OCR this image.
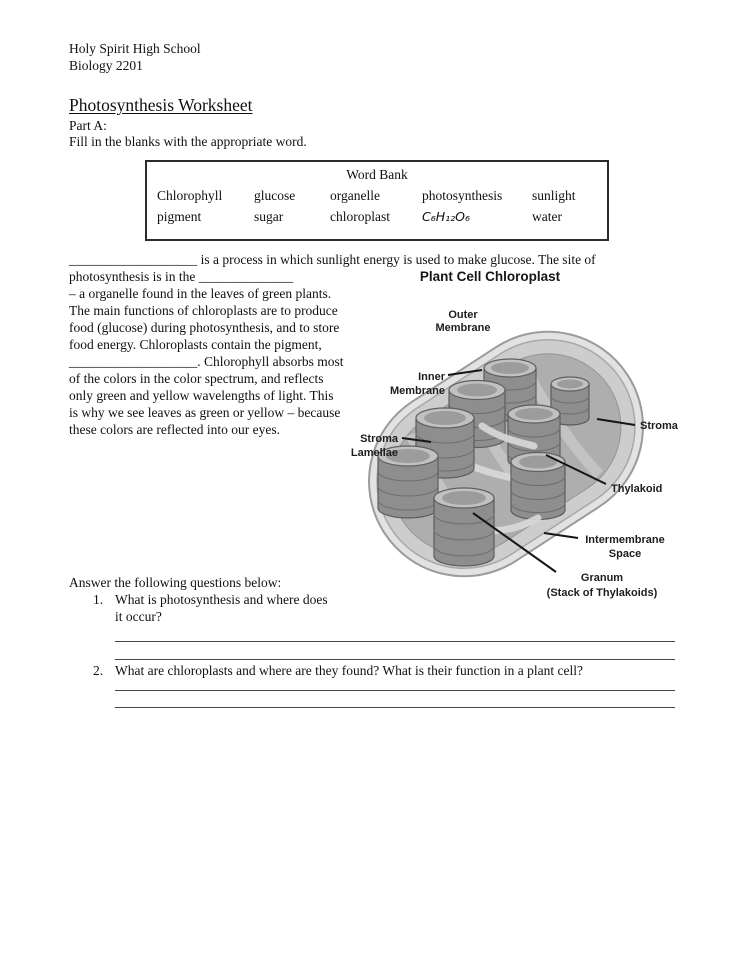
Holy Spirit High School
Biology 2201
Photosynthesis Worksheet
Part A:
Fill in the blanks with the appropriate word.
Word Bank
Chlorophyll	glucose	organelle	photosynthesis	sunlight
pigment	sugar	chloroplast	C₆H₁₂O₆	water
___________________ is a process in which sunlight energy is used to make glucose. The site of
photosynthesis is in the ______________
– a organelle found in the leaves of green plants. The main functions of chloroplasts are to produce food (glucose) during photosynthesis, and to store food energy. Chloroplasts contain the pigment,
___________________. Chlorophyll absorbs most of the colors in the color spectrum, and reflects only green and yellow wavelengths of light. This is why we see leaves as green or yellow – because these colors are reflected into our eyes.
Plant Cell Chloroplast
Outer
Membrane
Inner
Membrane
Stroma
Lamellae
Stroma
Thylakoid
Intermembrane
Space
Granum
(Stack of Thylakoids)
Answer the following questions below:
1. What is photosynthesis and where does it occur?
2. What are chloroplasts and where are they found? What is their function in a plant cell?
